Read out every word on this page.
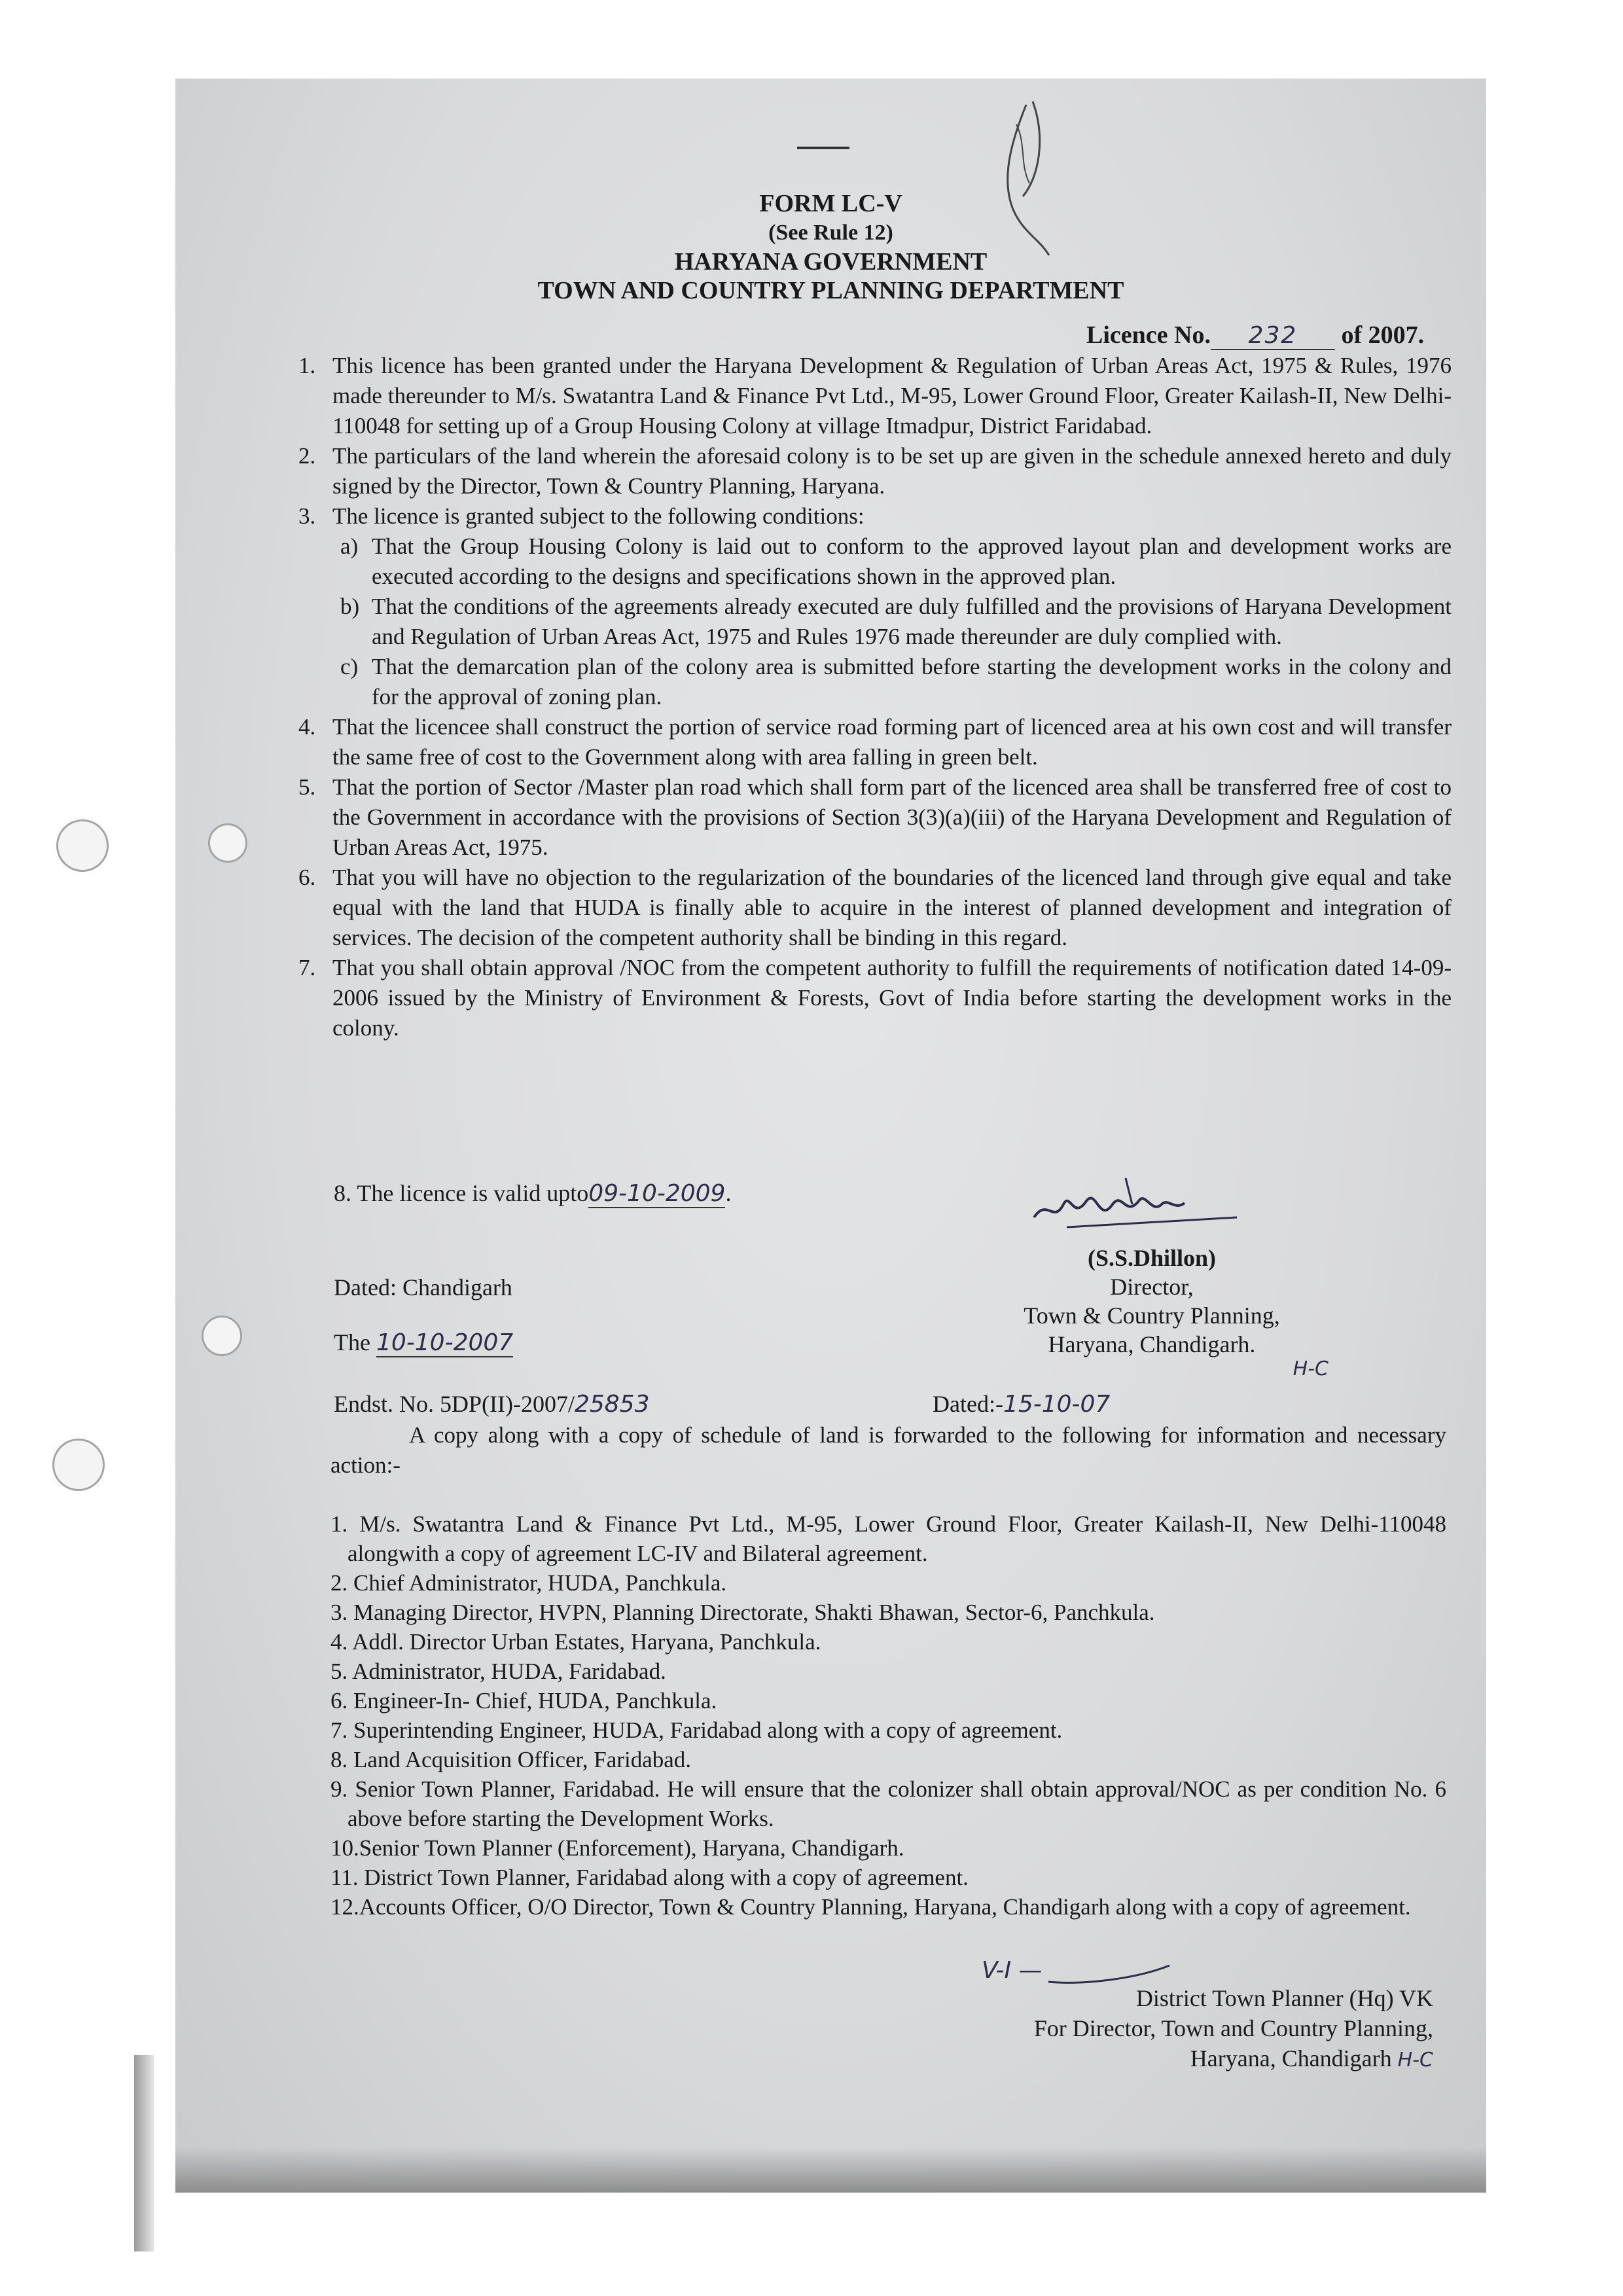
FORM LC-V
(See Rule 12)
HARYANA GOVERNMENT
TOWN AND COUNTRY PLANNING DEPARTMENT
Licence No. 232 of 2007.
1. This licence has been granted under the Haryana Development & Regulation of Urban Areas Act, 1975 & Rules, 1976 made thereunder to M/s. Swatantra Land & Finance Pvt Ltd., M-95, Lower Ground Floor, Greater Kailash-II, New Delhi-110048 for setting up of a Group Housing Colony at village Itmadpur, District Faridabad.
2. The particulars of the land wherein the aforesaid colony is to be set up are given in the schedule annexed hereto and duly signed by the Director, Town & Country Planning, Haryana.
3. The licence is granted subject to the following conditions:
a) That the Group Housing Colony is laid out to conform to the approved layout plan and development works are executed according to the designs and specifications shown in the approved plan.
b) That the conditions of the agreements already executed are duly fulfilled and the provisions of Haryana Development and Regulation of Urban Areas Act, 1975 and Rules 1976 made thereunder are duly complied with.
c) That the demarcation plan of the colony area is submitted before starting the development works in the colony and for the approval of zoning plan.
4. That the licencee shall construct the portion of service road forming part of licenced area at his own cost and will transfer the same free of cost to the Government along with area falling in green belt.
5. That the portion of Sector /Master plan road which shall form part of the licenced area shall be transferred free of cost to the Government in accordance with the provisions of Section 3(3)(a)(iii) of the Haryana Development and Regulation of Urban Areas Act, 1975.
6. That you will have no objection to the regularization of the boundaries of the licenced land through give equal and take equal with the land that HUDA is finally able to acquire in the interest of planned development and integration of services. The decision of the competent authority shall be binding in this regard.
7. That you shall obtain approval /NOC from the competent authority to fulfill the requirements of notification dated 14-09-2006 issued by the Ministry of Environment & Forests, Govt of India before starting the development works in the colony.
8. The licence is valid upto09-10-2009.
(S.S.Dhillon)
Director,
Town & Country Planning,
Haryana, Chandigarh.
H-C
Dated: Chandigarh
The 10-10-2007
Endst. No. 5DP(II)-2007/25853	Dated:-15-10-07
A copy along with a copy of schedule of land is forwarded to the following for information and necessary action:-
1. M/s. Swatantra Land & Finance Pvt Ltd., M-95, Lower Ground Floor, Greater Kailash-II, New Delhi-110048 alongwith a copy of agreement LC-IV and Bilateral agreement.
2. Chief Administrator, HUDA, Panchkula.
3. Managing Director, HVPN, Planning Directorate, Shakti Bhawan, Sector-6, Panchkula.
4. Addl. Director Urban Estates, Haryana, Panchkula.
5. Administrator, HUDA, Faridabad.
6. Engineer-In- Chief, HUDA, Panchkula.
7. Superintending Engineer, HUDA, Faridabad along with a copy of agreement.
8. Land Acquisition Officer, Faridabad.
9. Senior Town Planner, Faridabad. He will ensure that the colonizer shall obtain approval/NOC as per condition No. 6 above before starting the Development Works.
10.Senior Town Planner (Enforcement), Haryana, Chandigarh.
11. District Town Planner, Faridabad along with a copy of agreement.
12.Accounts Officer, O/O Director, Town & Country Planning, Haryana, Chandigarh along with a copy of agreement.
V-I —
District Town Planner (Hq) VK
For Director, Town and Country Planning,
Haryana, Chandigarh H-C
